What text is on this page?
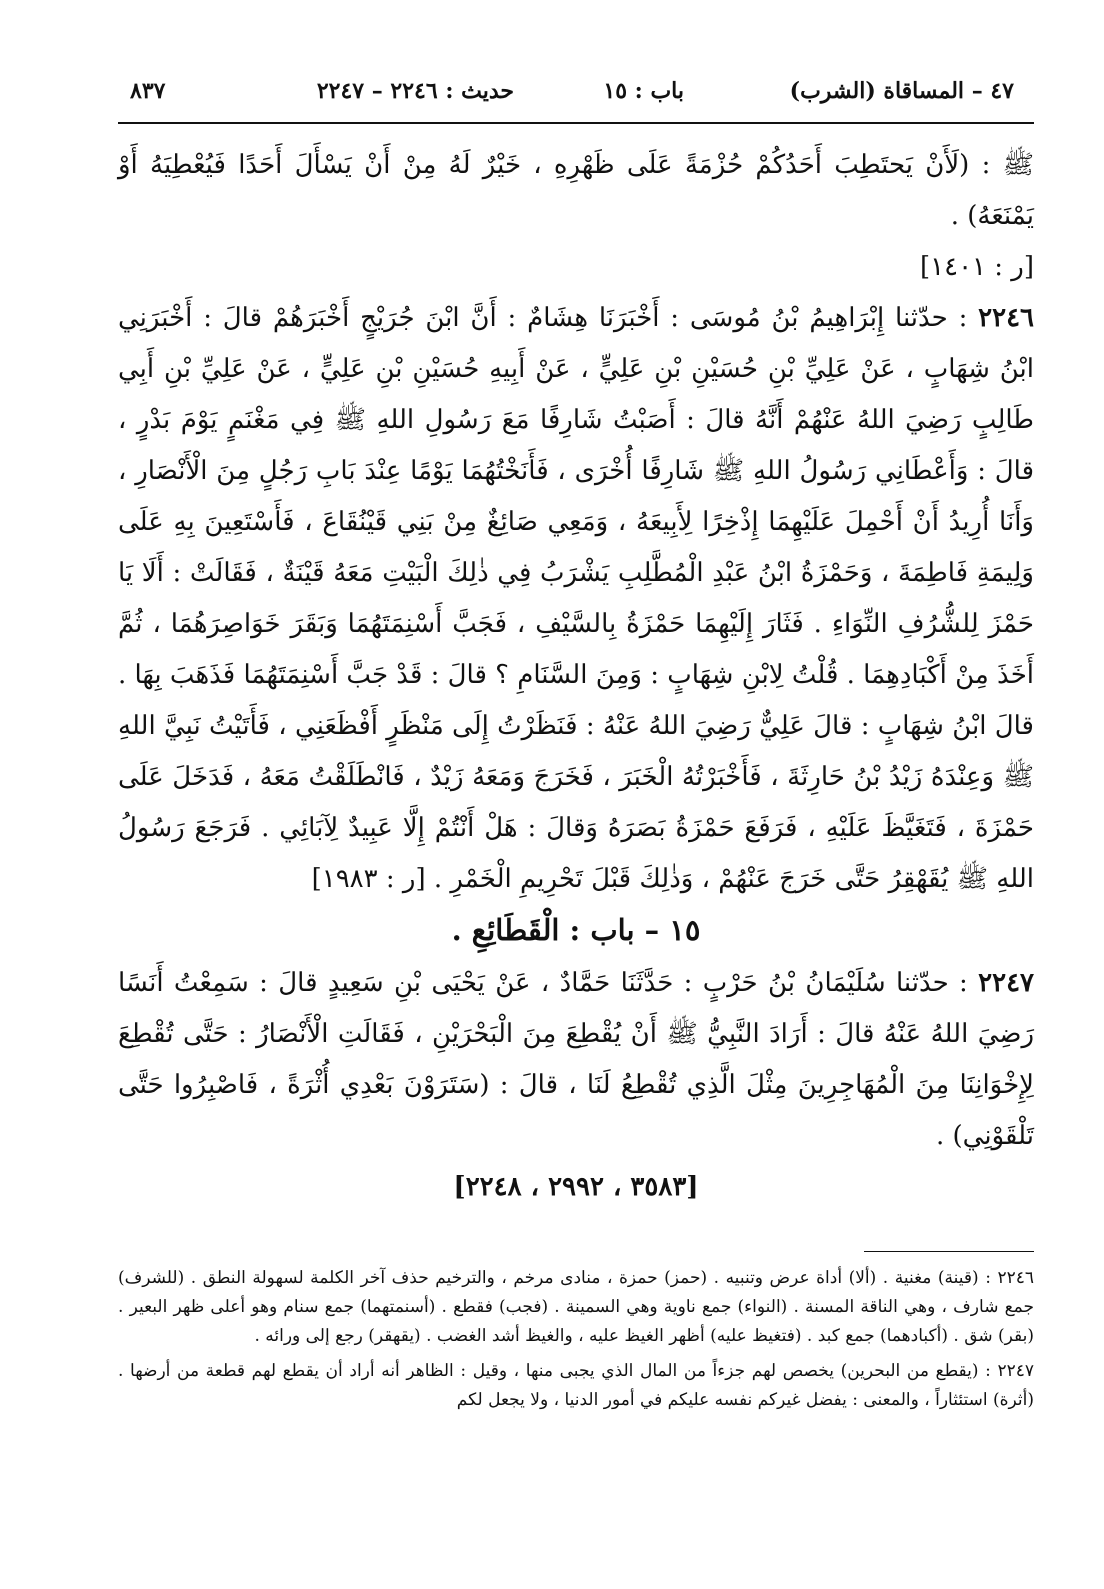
٤٧ – المساقاة (الشرب)
باب : ١٥
حديث : ٢٢٤٦ – ٢٢٤٧
٨٣٧

ﷺ : (لَأَنْ يَحتَطِبَ أَحَدُكُمْ حُزْمَةً عَلَى ظَهْرِهِ ، خَيْرٌ لَهُ مِنْ أَنْ يَسْأَلَ أَحَدًا فَيُعْطِيَهُ أَوْ يَمْنَعَهُ) .

[ر : ١٤٠١]

٢٢٤٦ : حدّثنا إِبْرَاهِيمُ بْنُ مُوسَى : أَخْبَرَنَا هِشَامٌ : أَنَّ ابْنَ جُرَيْجٍ أَخْبَرَهُمْ قالَ : أَخْبَرَنِي ابْنُ شِهَابٍ ، عَنْ عَلِيِّ بْنِ حُسَيْنِ بْنِ عَلِيٍّ ، عَنْ أَبِيهِ حُسَيْنِ بْنِ عَلِيٍّ ، عَنْ عَلِيِّ بْنِ أَبِي طَالِبٍ رَضِيَ اللهُ عَنْهُمْ أَنَّهُ قالَ : أَصَبْتُ شَارِفًا مَعَ رَسُولِ اللهِ ﷺ فِي مَغْنَمٍ يَوْمَ بَدْرٍ ، قالَ : وَأَعْطَانِي رَسُولُ اللهِ ﷺ شَارِفًا أُخْرَى ، فَأَنَخْتُهُمَا يَوْمًا عِنْدَ بَابِ رَجُلٍ مِنَ الْأَنْصَارِ ، وَأَنَا أُرِيدُ أَنْ أَحْمِلَ عَلَيْهِمَا إِذْخِرًا لِأَبِيعَهُ ، وَمَعِي صَائِغٌ مِنْ بَنِي قَيْنُقَاعَ ، فَأَسْتَعِينَ بِهِ عَلَى وَلِيمَةِ فَاطِمَةَ ، وَحَمْزَةُ ابْنُ عَبْدِ الْمُطَّلِبِ يَشْرَبُ فِي ذٰلِكَ الْبَيْتِ مَعَهُ قَيْنَةٌ ، فَقَالَتْ : أَلَا يَا حَمْزَ لِلشُّرُفِ النِّوَاءِ . فَثَارَ إِلَيْهِمَا حَمْزَةُ بِالسَّيْفِ ، فَجَبَّ أَسْنِمَتَهُمَا وَبَقَرَ خَوَاصِرَهُمَا ، ثُمَّ أَخَذَ مِنْ أَكْبَادِهِمَا . قُلْتُ لِابْنِ شِهَابٍ : وَمِنَ السَّنَامِ ؟ قالَ : قَدْ جَبَّ أَسْنِمَتَهُمَا فَذَهَبَ بِهَا . قالَ ابْنُ شِهَابٍ : قالَ عَلِيٌّ رَضِيَ اللهُ عَنْهُ : فَنَظَرْتُ إِلَى مَنْظَرٍ أَفْظَعَنِي ، فَأَتَيْتُ نَبِيَّ اللهِ ﷺ وَعِنْدَهُ زَيْدُ بْنُ حَارِثَةَ ، فَأَخْبَرْتُهُ الْخَبَرَ ، فَخَرَجَ وَمَعَهُ زَيْدٌ ، فَانْطَلَقْتُ مَعَهُ ، فَدَخَلَ عَلَى حَمْزَةَ ، فَتَغَيَّظَ عَلَيْهِ ، فَرَفَعَ حَمْزَةُ بَصَرَهُ وَقالَ : هَلْ أَنْتُمْ إِلَّا عَبِيدٌ لِآبَائِي . فَرَجَعَ رَسُولُ اللهِ ﷺ يُقَهْقِرُ حَتَّى خَرَجَ عَنْهُمْ ، وَذٰلِكَ قَبْلَ تَحْرِيمِ الْخَمْرِ . [ر : ١٩٨٣]

١٥ – باب : الْقَطَائِعِ .

٢٢٤٧ : حدّثنا سُلَيْمَانُ بْنُ حَرْبٍ : حَدَّثَنَا حَمَّادٌ ، عَنْ يَحْيَى بْنِ سَعِيدٍ قالَ : سَمِعْتُ أَنَسًا رَضِيَ اللهُ عَنْهُ قالَ : أَرَادَ النَّبِيُّ ﷺ أَنْ يُقْطِعَ مِنَ الْبَحْرَيْنِ ، فَقَالَتِ الْأَنْصَارُ : حَتَّى تُقْطِعَ لِإِخْوَانِنَا مِنَ الْمُهَاجِرِينَ مِثْلَ الَّذِي تُقْطِعُ لَنَا ، قالَ : (سَتَرَوْنَ بَعْدِي أُثْرَةً ، فَاصْبِرُوا حَتَّى تَلْقَوْنِي) .

[٣٥٨٣ ، ٢٩٩٢ ، ٢٢٤٨]

٢٢٤٦ : (قينة) مغنية . (ألا) أداة عرض وتنبيه . (حمز) حمزة ، منادى مرخم ، والترخيم حذف آخر الكلمة لسهولة النطق . (للشرف) جمع شارف ، وهي الناقة المسنة . (النواء) جمع ناوية وهي السمينة . (فجب) فقطع . (أسنمتهما) جمع سنام وهو أعلى ظهر البعير . (بقر) شق . (أكبادهما) جمع كبد . (فتغيظ عليه) أظهر الغيظ عليه ، والغيظ أشد الغضب . (يقهقر) رجع إلى ورائه .

٢٢٤٧ : (يقطع من البحرين) يخصص لهم جزءاً من المال الذي يجبى منها ، وقيل : الظاهر أنه أراد أن يقطع لهم قطعة من أرضها . (أثرة) استئثاراً ، والمعنى : يفضل غيركم نفسه عليكم في أمور الدنيا ، ولا يجعل لكم
